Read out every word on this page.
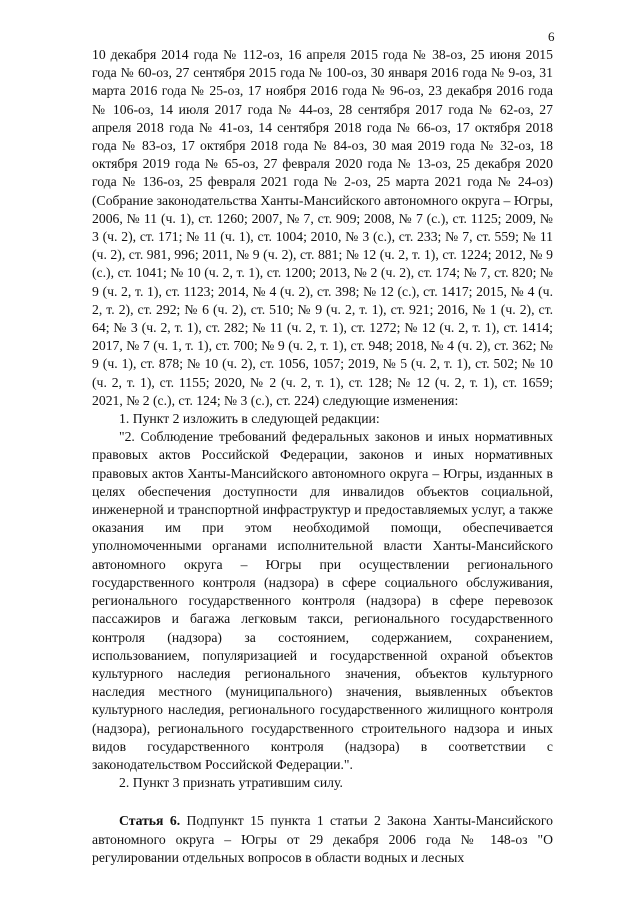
6

10 декабря 2014 года № 112-оз, 16 апреля 2015 года № 38-оз, 25 июня 2015 года № 60-оз, 27 сентября 2015 года № 100-оз, 30 января 2016 года № 9-оз, 31 марта 2016 года № 25-оз, 17 ноября 2016 года № 96-оз, 23 декабря 2016 года № 106-оз, 14 июля 2017 года № 44-оз, 28 сентября 2017 года № 62-оз, 27 апреля 2018 года № 41-оз, 14 сентября 2018 года № 66-оз, 17 октября 2018 года № 83-оз, 17 октября 2018 года № 84-оз, 30 мая 2019 года № 32-оз, 18 октября 2019 года № 65-оз, 27 февраля 2020 года № 13-оз, 25 декабря 2020 года № 136-оз, 25 февраля 2021 года № 2-оз, 25 марта 2021 года № 24-оз) (Собрание законодательства Ханты-Мансийского автономного округа – Югры, 2006, № 11 (ч. 1), ст. 1260; 2007, № 7, ст. 909; 2008, № 7 (с.), ст. 1125; 2009, № 3 (ч. 2), ст. 171; № 11 (ч. 1), ст. 1004; 2010, № 3 (с.), ст. 233; № 7, ст. 559; № 11 (ч. 2), ст. 981, 996; 2011, № 9 (ч. 2), ст. 881; № 12 (ч. 2, т. 1), ст. 1224; 2012, № 9 (с.), ст. 1041; № 10 (ч. 2, т. 1), ст. 1200; 2013, № 2 (ч. 2), ст. 174; № 7, ст. 820; № 9 (ч. 2, т. 1), ст. 1123; 2014, № 4 (ч. 2), ст. 398; № 12 (с.), ст. 1417; 2015, № 4 (ч. 2, т. 2), ст. 292; № 6 (ч. 2), ст. 510; № 9 (ч. 2, т. 1), ст. 921; 2016, № 1 (ч. 2), ст. 64; № 3 (ч. 2, т. 1), ст. 282; № 11 (ч. 2, т. 1), ст. 1272; № 12 (ч. 2, т. 1), ст. 1414; 2017, № 7 (ч. 1, т. 1), ст. 700; № 9 (ч. 2, т. 1), ст. 948; 2018, № 4 (ч. 2), ст. 362; № 9 (ч. 1), ст. 878; № 10 (ч. 2), ст. 1056, 1057; 2019, № 5 (ч. 2, т. 1), ст. 502; № 10 (ч. 2, т. 1), ст. 1155; 2020, № 2 (ч. 2, т. 1), ст. 128; № 12 (ч. 2, т. 1), ст. 1659; 2021, № 2 (с.), ст. 124; № 3 (с.), ст. 224) следующие изменения:

1. Пункт 2 изложить в следующей редакции:

"2. Соблюдение требований федеральных законов и иных нормативных правовых актов Российской Федерации, законов и иных нормативных правовых актов Ханты-Мансийского автономного округа – Югры, изданных в целях обеспечения доступности для инвалидов объектов социальной, инженерной и транспортной инфраструктур и предоставляемых услуг, а также оказания им при этом необходимой помощи, обеспечивается уполномоченными органами исполнительной власти Ханты-Мансийского автономного округа – Югры при осуществлении регионального государственного контроля (надзора) в сфере социального обслуживания, регионального государственного контроля (надзора) в сфере перевозок пассажиров и багажа легковым такси, регионального государственного контроля (надзора) за состоянием, содержанием, сохранением, использованием, популяризацией и государственной охраной объектов культурного наследия регионального значения, объектов культурного наследия местного (муниципального) значения, выявленных объектов культурного наследия, регионального государственного жилищного контроля (надзора), регионального государственного строительного надзора и иных видов государственного контроля (надзора) в соответствии с законодательством Российской Федерации.".

2. Пункт 3 признать утратившим силу.

Статья 6. Подпункт 15 пункта 1 статьи 2 Закона Ханты-Мансийского автономного округа – Югры от 29 декабря 2006 года № 148-оз "О регулировании отдельных вопросов в области водных и лесных
